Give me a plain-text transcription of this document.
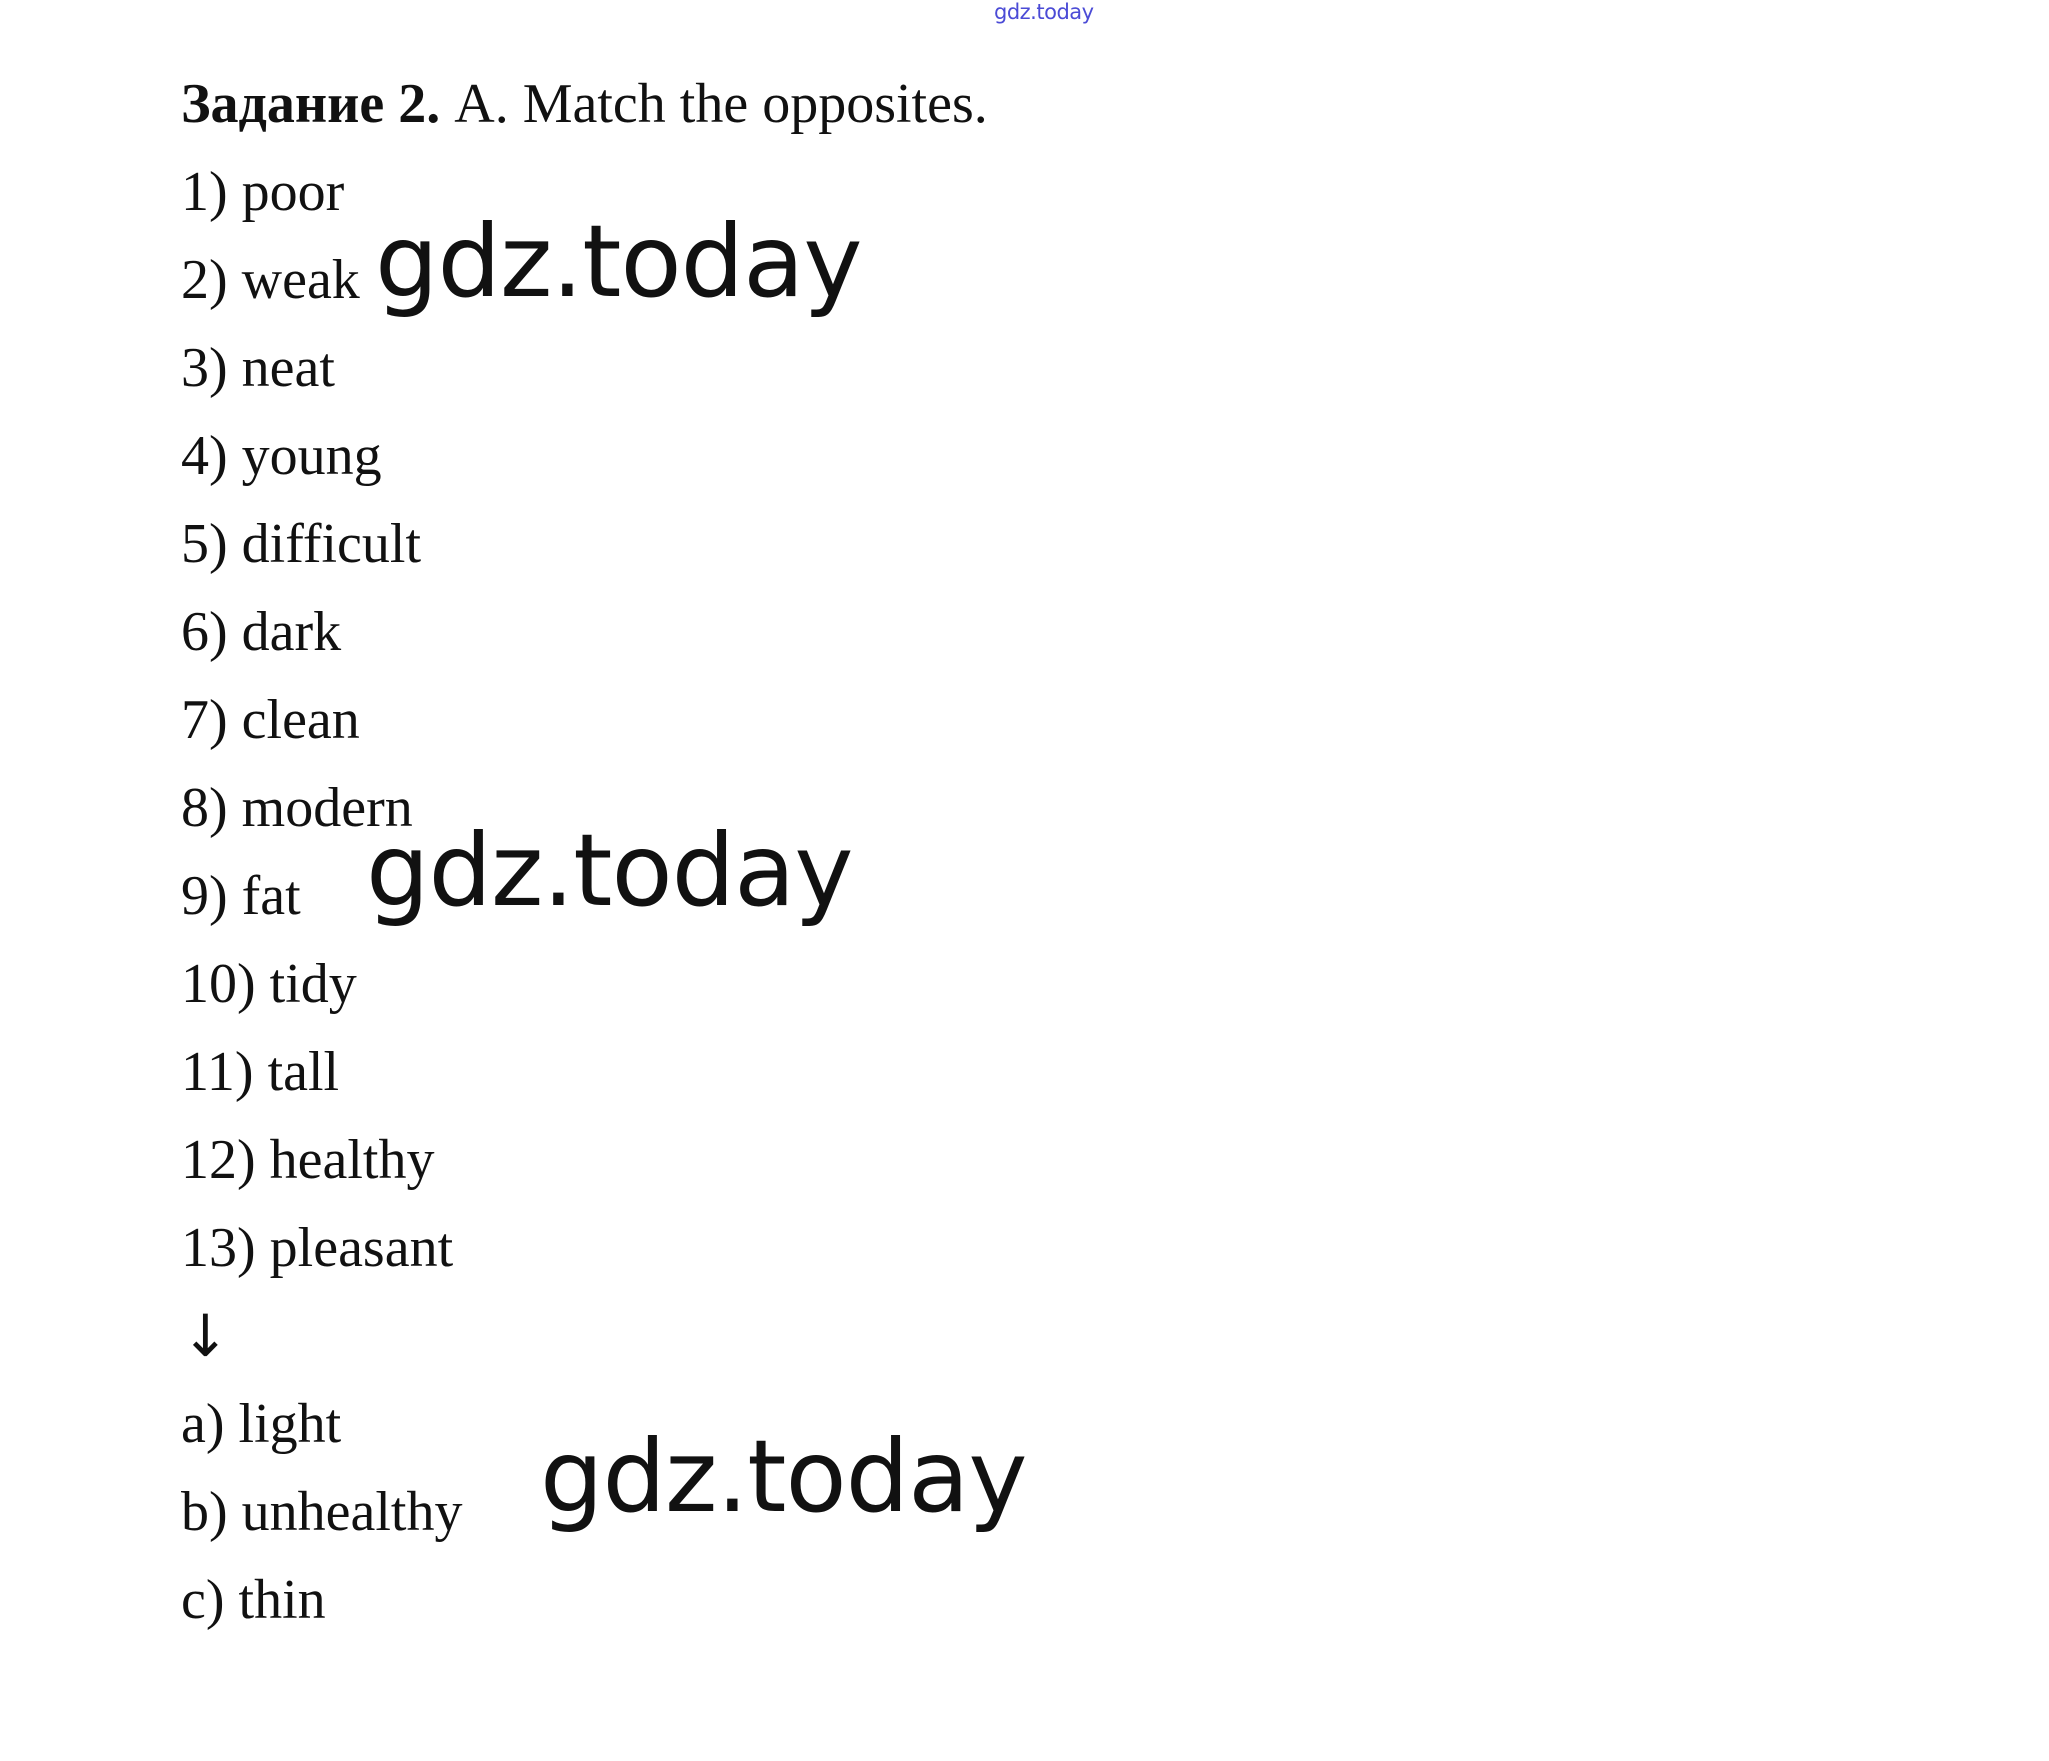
gdz.today
Задание 2. A. Match the opposites.
1) poor
2) weak
3) neat
4) young
5) difficult
6) dark
7) clean
8) modern
9) fat
10) tidy
11) tall
12) healthy
13) pleasant
↓
a) light
b) unhealthy
c) thin
gdz.today
gdz.today
gdz.today
